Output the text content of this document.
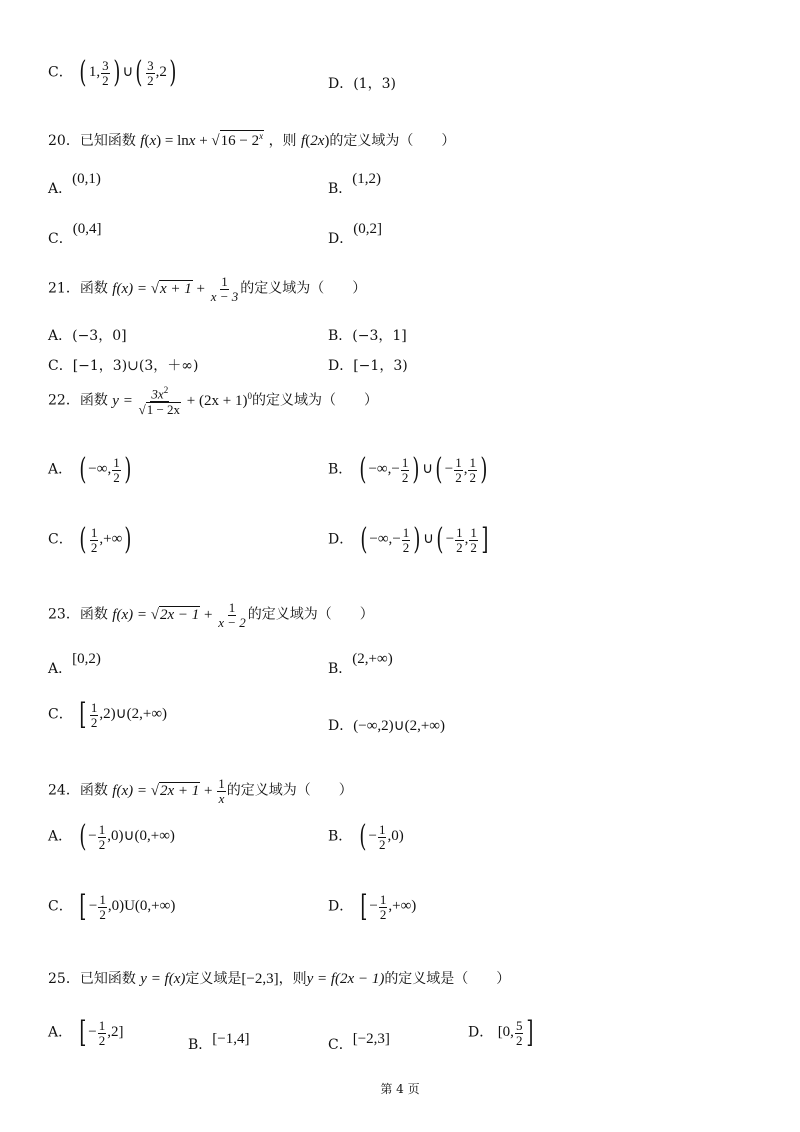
C． ( 1, $\frac{3}{2}$ ) ∪( $\frac{3}{2} ,2$)	D．(1，3)
20．已知函数 f(x) = lnx + √ $16 - 2^x$ ，则 f(2x)的定义域为（　　）
A．(0,1)
B．(1,2)
C．(0,4]
D．(0,2]
21．函数 f(x) = √ $x + 1 + \frac{1}{x - 3}$ 的定义域为（　　）
A．(−3，0]	B．(−3，1]
C．[−1，3)∪(3，＋∞)	D．[−1，3)
22．函数 $y = \frac{3x^2}{√ 1 - 2x} + (2x + 1)^0$的定义域为（　　）
A． ( −∞, $\frac{1}{2}$ )	B． ( −∞,− $\frac{1}{2}$ ) ∪( − $\frac{1}{2}$ , $\frac{1}{2}$ )
C． ( $\frac{1}{2}$ ,+∞)	D． ( −∞,− $\frac{1}{2}$ ) ∪( − $\frac{1}{2}$ , $\frac{1}{2}$ ]
23．函数 f(x) = √ $2x - 1 + \frac{1}{x - 2}$ 的定义域为（　　）
A．[0,2)
B．(2,+∞)
C． [ $\frac{1}{2}$ ,2)∪(2,+∞)
D．(−∞,2)∪(2,+∞)
24．函数 f(x) = √ $2x + 1 + \frac{1}{x}$ 的定义域为（　　）
A． ( − $\frac{1}{2}$ ,0)∪(0,+∞)	B． ( − $\frac{1}{2} ,0$)
C． [ − $\frac{1}{2} ,0)U(0,+\infty)$	D． [ − $\frac{1}{2}$ ,+∞)
25．已知函数 y = f(x)定义域是[−2,3]，则y = f(2x − 1)的定义域是（　　）
A． [ − $\frac{1}{2} ,2$]
B．[−1,4]	C．[−2,3]	D． [0, $\frac{5}{2}$ ]
第 4 页
